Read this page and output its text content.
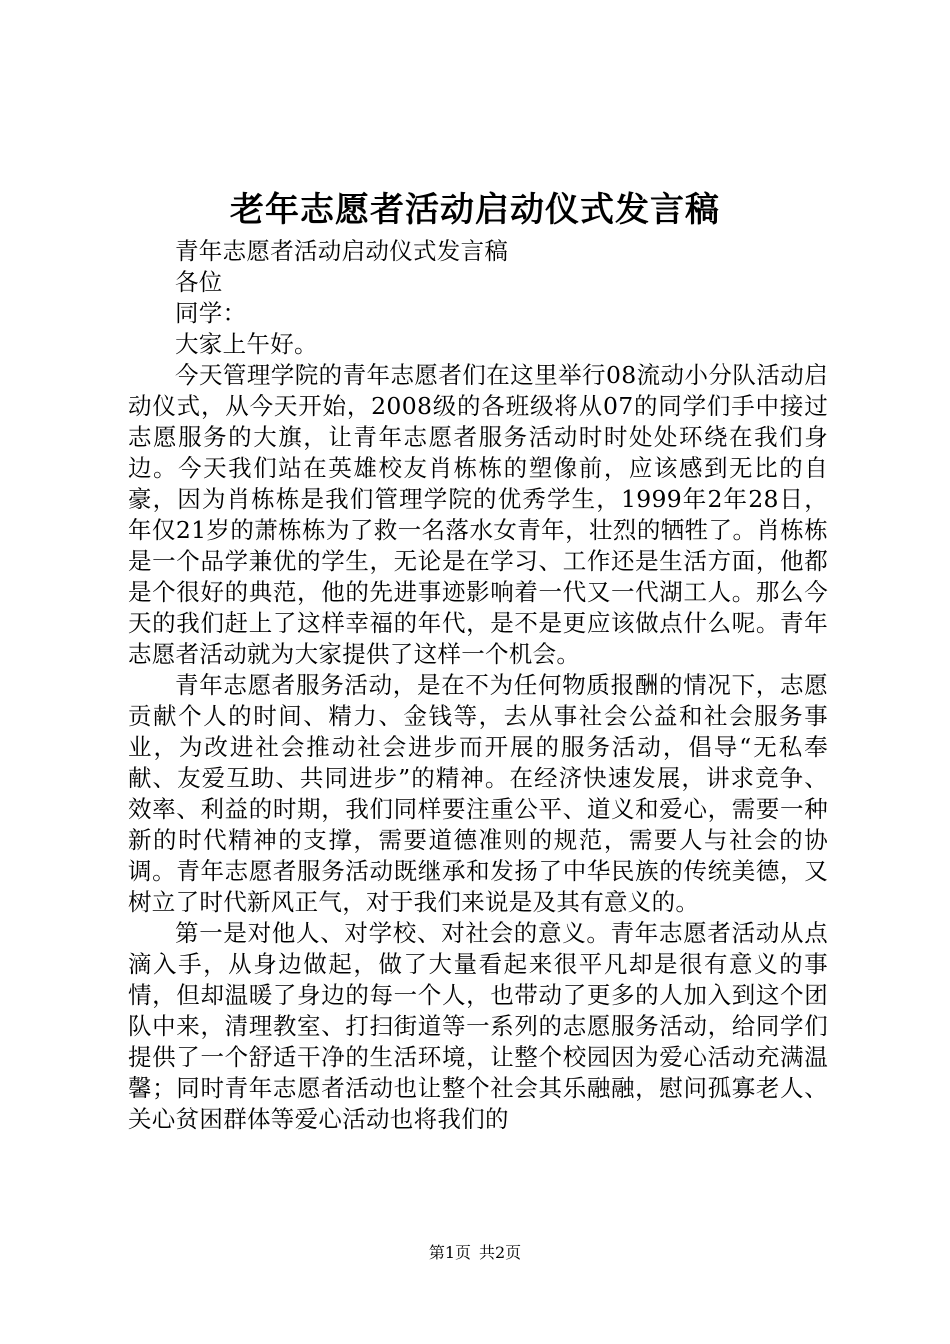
老年志愿者活动启动仪式发言稿

青年志愿者活动启动仪式发言稿

各位

同学：

大家上午好。

今天管理学院的青年志愿者们在这里举行08流动小分队活动启动仪式，从今天开始，2008级的各班级将从07的同学们手中接过志愿服务的大旗，让青年志愿者服务活动时时处处环绕在我们身边。今天我们站在英雄校友肖栋栋的塑像前，应该感到无比的自豪，因为肖栋栋是我们管理学院的优秀学生，1999年2年28日，年仅21岁的萧栋栋为了救一名落水女青年，壮烈的牺牲了。肖栋栋是一个品学兼优的学生，无论是在学习、工作还是生活方面，他都是个很好的典范，他的先进事迹影响着一代又一代湖工人。那么今天的我们赶上了这样幸福的年代，是不是更应该做点什么呢。青年志愿者活动就为大家提供了这样一个机会。

青年志愿者服务活动，是在不为任何物质报酬的情况下，志愿贡献个人的时间、精力、金钱等，去从事社会公益和社会服务事业，为改进社会推动社会进步而开展的服务活动，倡导“无私奉献、友爱互助、共同进步”的精神。在经济快速发展，讲求竞争、效率、利益的时期，我们同样要注重公平、道义和爱心，需要一种新的时代精神的支撑，需要道德准则的规范，需要人与社会的协调。青年志愿者服务活动既继承和发扬了中华民族的传统美德，又树立了时代新风正气，对于我们来说是及其有意义的。

第一是对他人、对学校、对社会的意义。青年志愿者活动从点滴入手，从身边做起，做了大量看起来很平凡却是很有意义的事情，但却温暖了身边的每一个人，也带动了更多的人加入到这个团队中来，清理教室、打扫街道等一系列的志愿服务活动，给同学们提供了一个舒适干净的生活环境，让整个校园因为爱心活动充满温馨；同时青年志愿者活动也让整个社会其乐融融，慰问孤寡老人、关心贫困群体等爱心活动也将我们的

第1页 共2页
